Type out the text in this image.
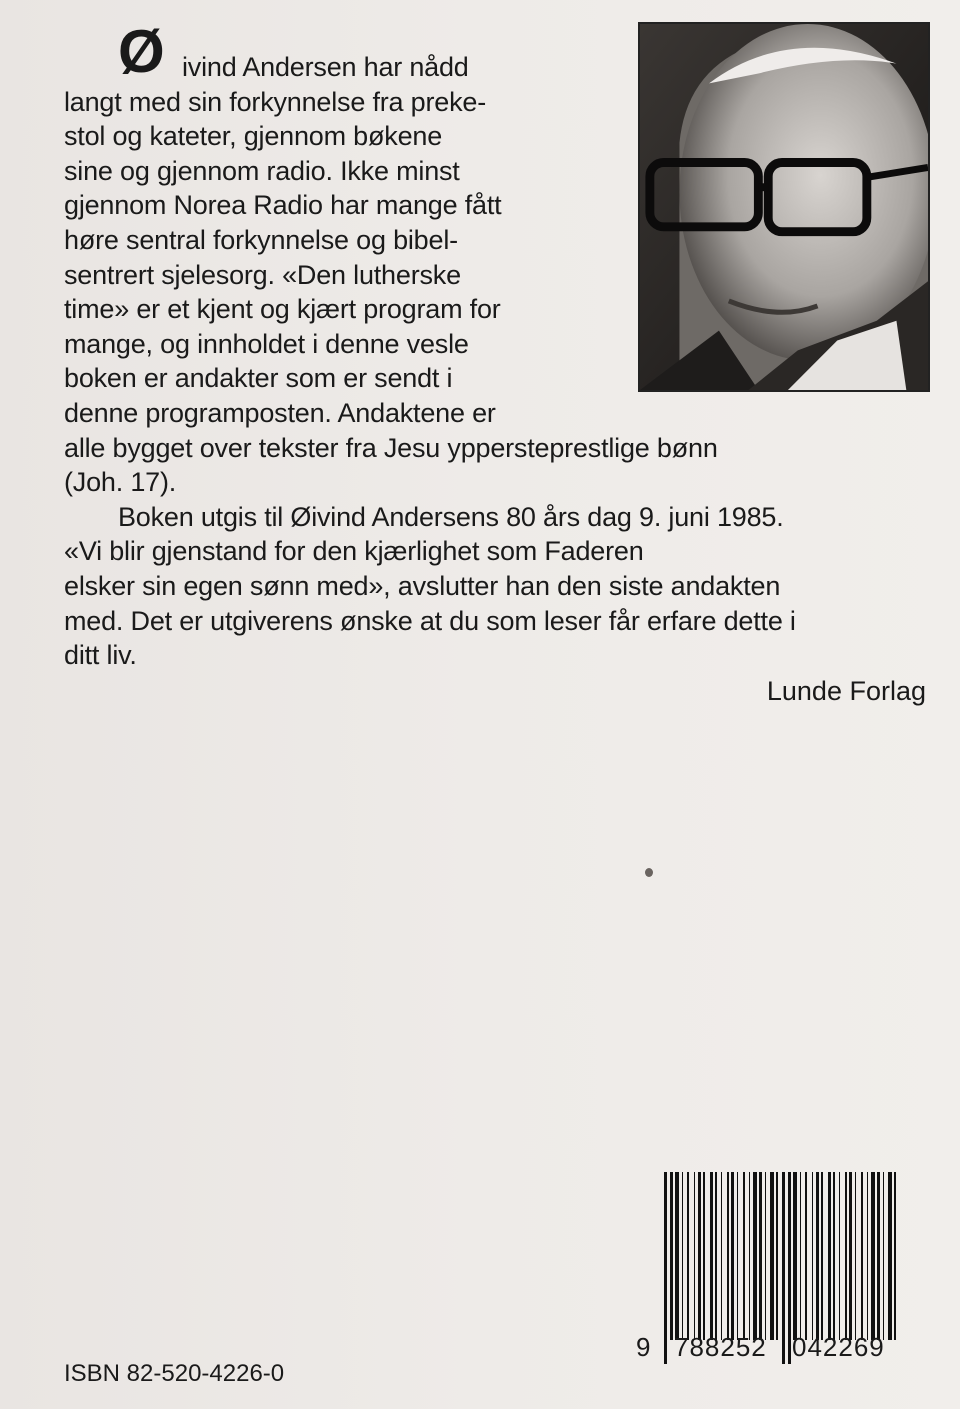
Ø ivind Andersen har nådd
langt med sin forkynnelse fra preke-
stol og kateter, gjennom bøkene
sine og gjennom radio. Ikke minst
gjennom Norea Radio har mange fått
høre sentral forkynnelse og bibel-
sentrert sjelesorg. «Den lutherske
time» er et kjent og kjært program for
mange, og innholdet i denne vesle
boken er andakter som er sendt i
denne programposten. Andaktene er
alle bygget over tekster fra Jesu yppersteprestlige bønn
(Joh. 17).
Boken utgis til Øivind Andersens 80 års dag 9. juni 1985.
«Vi blir gjenstand for den kjærlighet som Faderen
elsker sin egen sønn med», avslutter han den siste andakten
med. Det er utgiverens ønske at du som leser får erfare dette i
ditt liv.
Lunde Forlag
788252 042269
9
ISBN 82-520-4226-0
